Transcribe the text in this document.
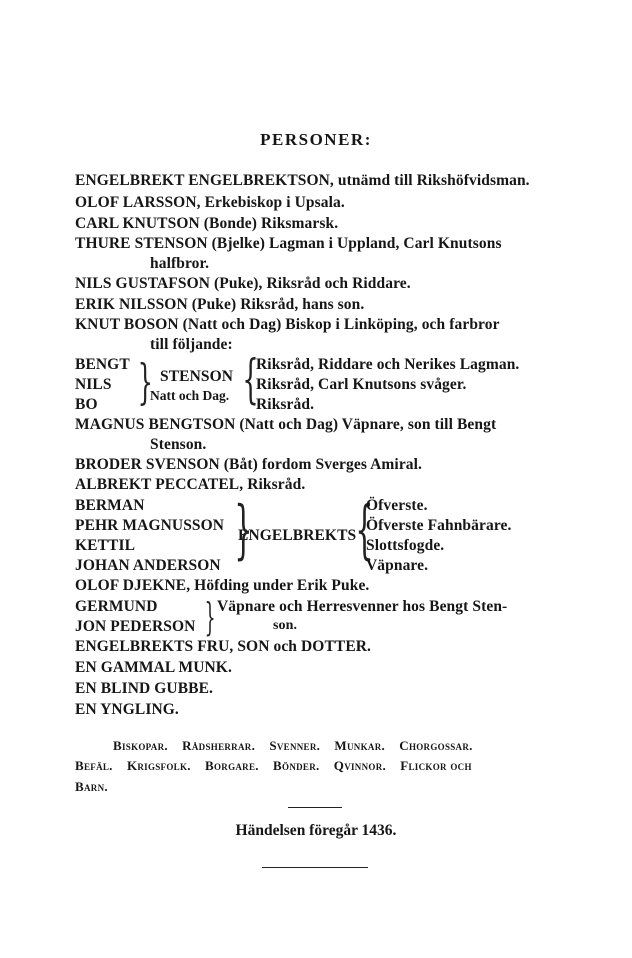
PERSONER:
ENGELBREKT ENGELBREKTSON, utnämd till Rikshöfvidsman.
OLOF LARSSON, Erkebiskop i Upsala.
CARL KNUTSON (Bonde) Riksmarsk.
THURE STENSON (Bjelke) Lagman i Uppland, Carl Knutsons
halfbror.
NILS GUSTAFSON (Puke), Riksråd och Riddare.
ERIK NILSSON (Puke) Riksråd, hans son.
KNUT BOSON (Natt och Dag) Biskop i Linköping, och farbror
till följande:
BENGT
NILS
BO } STENSON
Natt och Dag. {
Riksråd, Riddare och Nerikes Lagman.
Riksråd, Carl Knutsons svåger.
Riksråd.
MAGNUS BENGTSON (Natt och Dag) Väpnare, son till Bengt
Stenson.
BRODER SVENSON (Båt) fordom Sverges Amiral.
ALBREKT PECCATEL, Riksråd.
BERMAN
PEHR MAGNUSSON
KETTIL
JOHAN ANDERSON }
ENGELBREKTS
{
Öfverste.
Öfverste Fahnbärare.
Slottsfogde.
Väpnare.
OLOF DJEKNE, Höfding under Erik Puke.
GERMUND
JON PEDERSON } Väpnare och Herresvenner hos Bengt Sten-
son.
ENGELBREKTS FRU, SON och DOTTER.
EN GAMMAL MUNK.
EN BLIND GUBBE.
EN YNGLING.
Biskopar. Rådsherrar. Svenner. Munkar. Chorgossar.
Befäl. Krigsfolk. Borgare. Bönder. Qvinnor. Flickor och
Barn.
Händelsen föregår 1436.
